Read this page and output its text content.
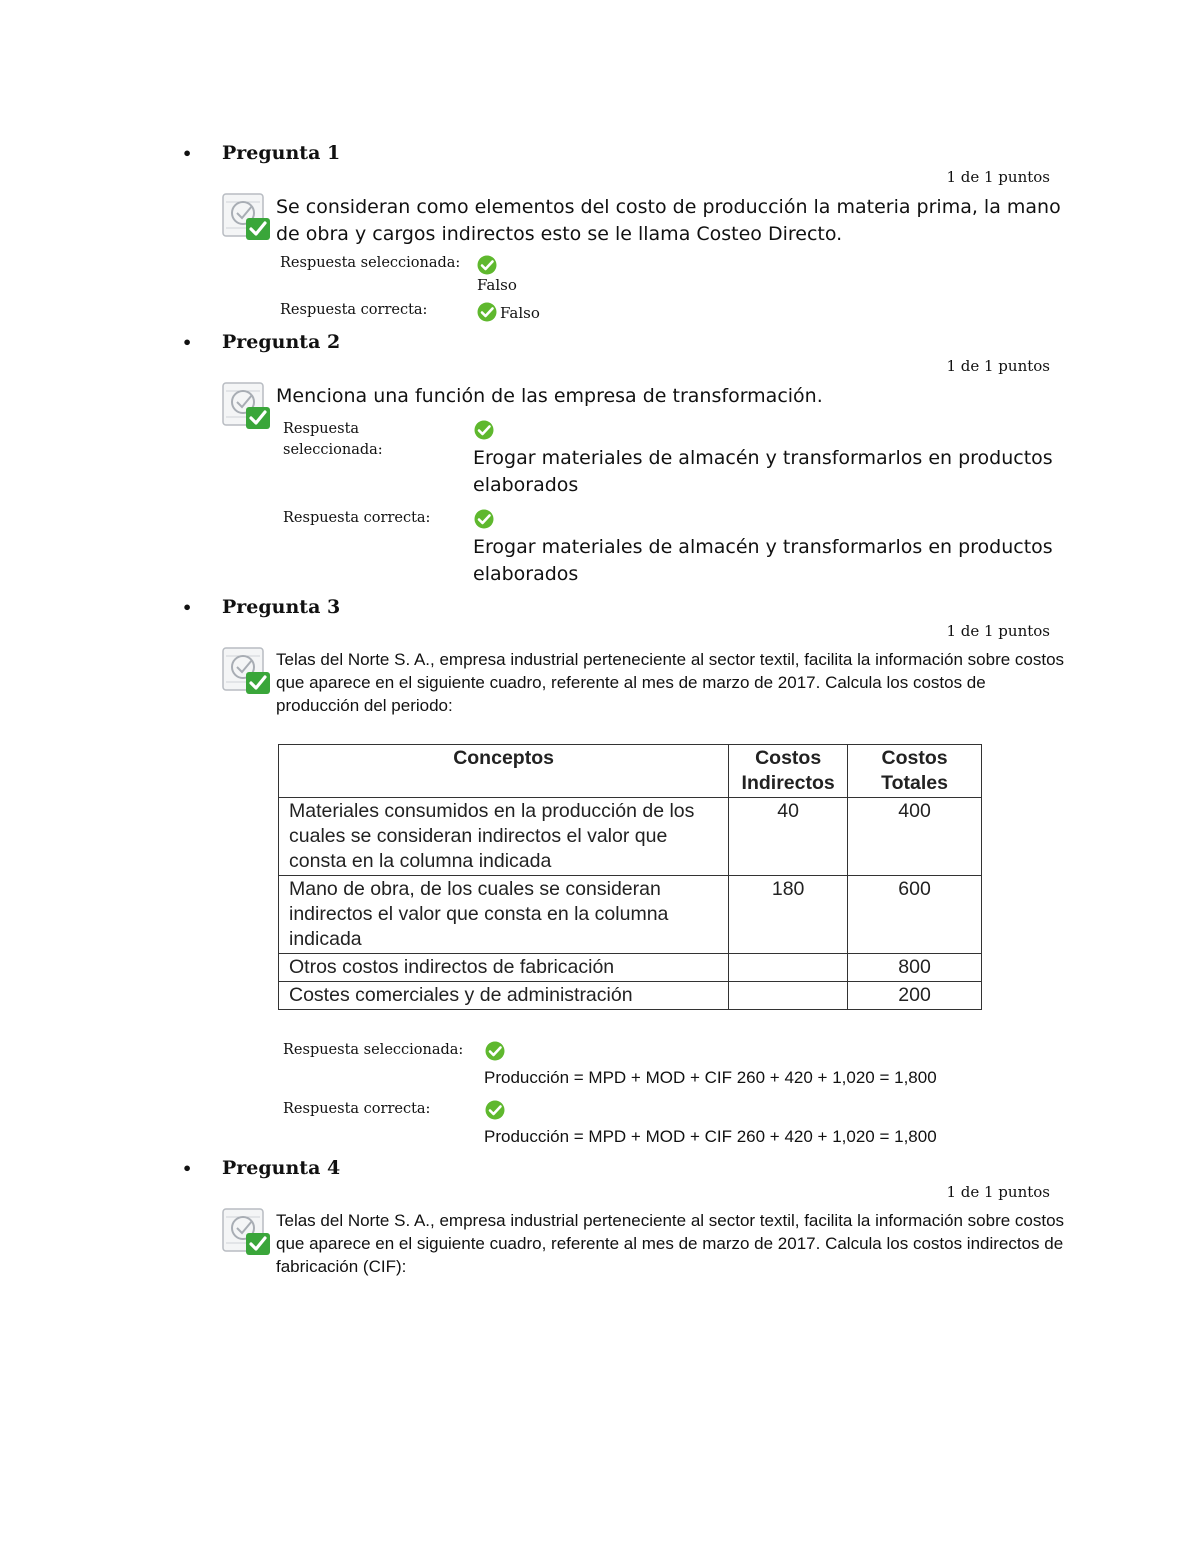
• Pregunta 1
1 de 1 puntos
Se consideran como elementos del costo de producción la materia prima, la mano de obra y cargos indirectos esto se le llama Costeo Directo.
Respuesta seleccionada:
Falso
Respuesta correcta:	Falso
• Pregunta 2
1 de 1 puntos
Menciona una función de las empresa de transformación.
Respuesta
seleccionada:	Erogar materiales de almacén y transformarlos en productos elaborados
Respuesta correcta:
Erogar materiales de almacén y transformarlos en productos elaborados
• Pregunta 3
1 de 1 puntos
Telas del Norte S. A., empresa industrial perteneciente al sector textil, facilita la información sobre costos que aparece en el siguiente cuadro, referente al mes de marzo de 2017. Calcula los costos de producción del periodo:
Conceptos	Costos Indirectos	Costos Totales
Materiales consumidos en la producción de los cuales se consideran indirectos el valor que consta en la columna indicada	40	400
Mano de obra, de los cuales se consideran indirectos el valor que consta en la columna indicada	180	600
Otros costos indirectos de fabricación		800
Costes comerciales y de administración		200
Respuesta seleccionada:
Producción = MPD + MOD + CIF 260 + 420 + 1,020 = 1,800
Respuesta correcta:
Producción = MPD + MOD + CIF 260 + 420 + 1,020 = 1,800
• Pregunta 4
1 de 1 puntos
Telas del Norte S. A., empresa industrial perteneciente al sector textil, facilita la información sobre costos que aparece en el siguiente cuadro, referente al mes de marzo de 2017. Calcula los costos indirectos de fabricación (CIF):
